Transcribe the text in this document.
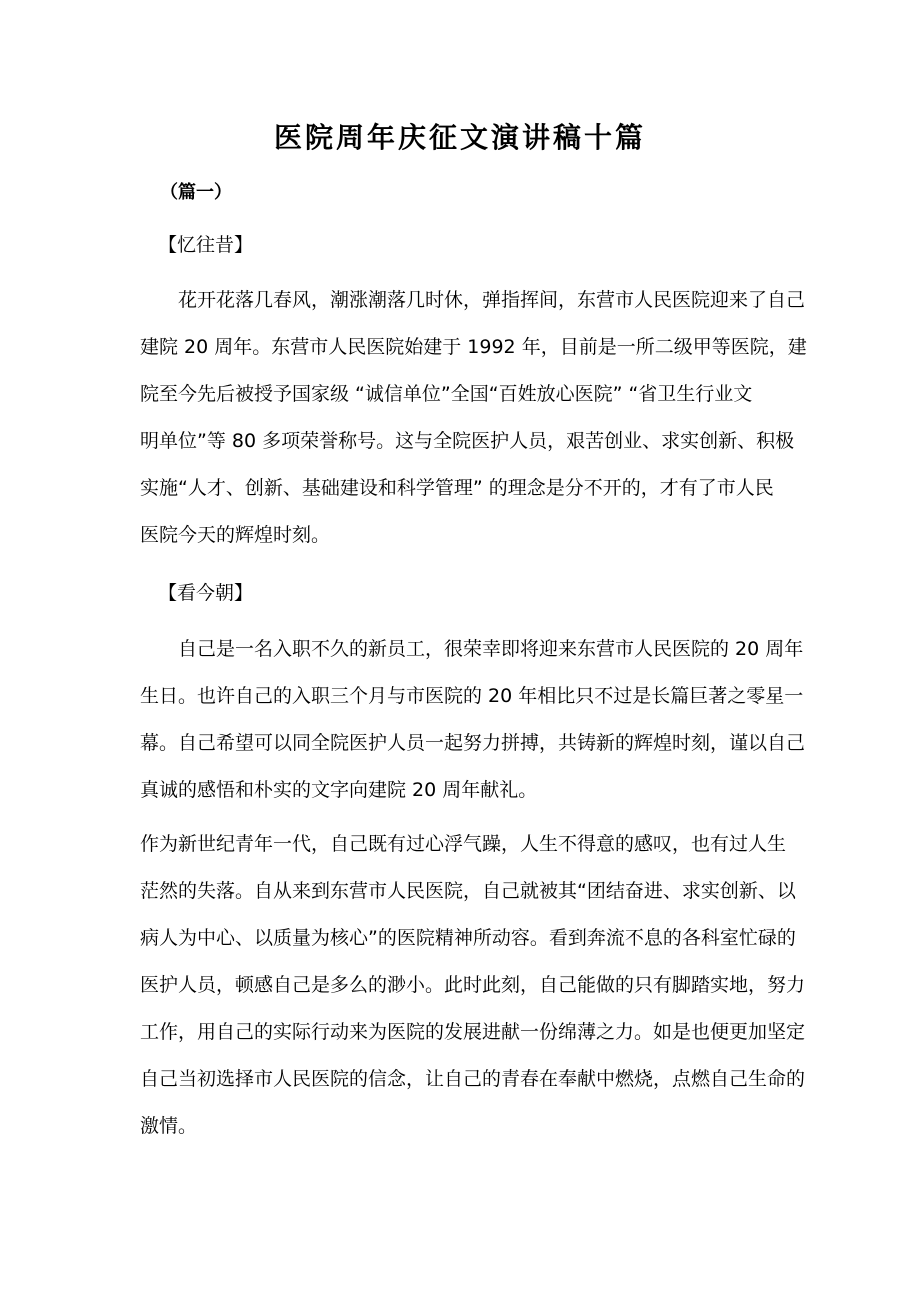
医院周年庆征文演讲稿十篇
（篇一）
【忆往昔】
　　花开花落几春风，潮涨潮落几时休，弹指挥间，东营市人民医院迎来了自己
建院 20 周年。东营市人民医院始建于 1992 年，目前是一所二级甲等医院，建
院至今先后被授予国家级 “诚信单位”全国“百姓放心医院” “省卫生行业文
明单位”等 80 多项荣誉称号。这与全院医护人员，艰苦创业、求实创新、积极
实施“人才、创新、基础建设和科学管理” 的理念是分不开的，才有了市人民
医院今天的辉煌时刻。
【看今朝】
　　自己是一名入职不久的新员工，很荣幸即将迎来东营市人民医院的 20 周年
生日。也许自己的入职三个月与市医院的 20 年相比只不过是长篇巨著之零星一
幕。自己希望可以同全院医护人员一起努力拼搏，共铸新的辉煌时刻，谨以自己
真诚的感悟和朴实的文字向建院 20 周年献礼。
作为新世纪青年一代，自己既有过心浮气躁，人生不得意的感叹，也有过人生
茫然的失落。自从来到东营市人民医院，自己就被其“团结奋进、求实创新、以
病人为中心、以质量为核心”的医院精神所动容。看到奔流不息的各科室忙碌的
医护人员，顿感自己是多么的渺小。此时此刻，自己能做的只有脚踏实地，努力
工作，用自己的实际行动来为医院的发展进献一份绵薄之力。如是也便更加坚定
自己当初选择市人民医院的信念，让自己的青春在奉献中燃烧，点燃自己生命的
激情。
